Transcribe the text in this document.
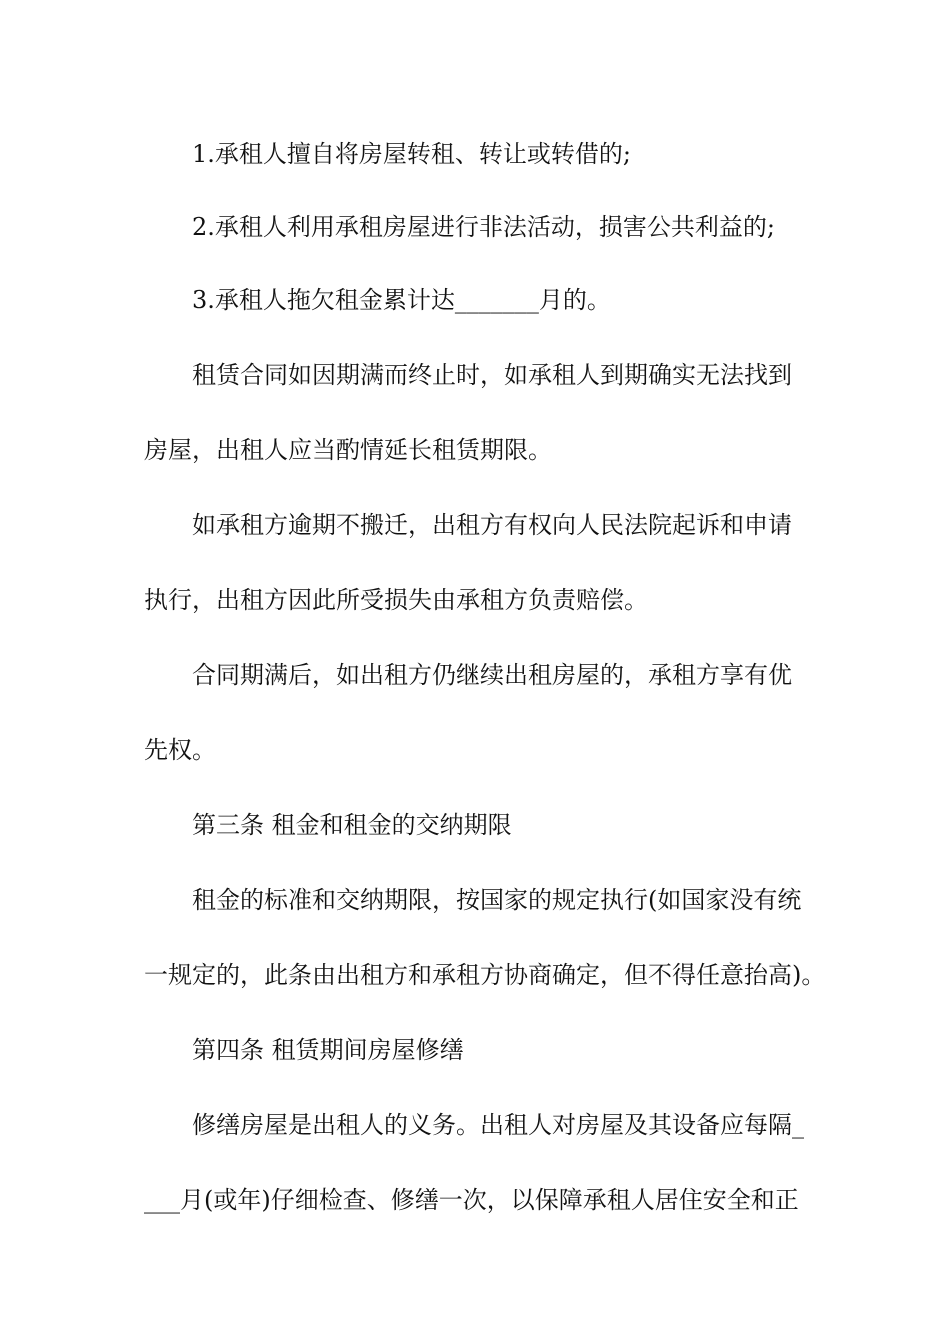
1.承租人擅自将房屋转租、转让或转借的;

2.承租人利用承租房屋进行非法活动，损害公共利益的;

3.承租人拖欠租金累计达_______月的。

租赁合同如因期满而终止时，如承租人到期确实无法找到

房屋，出租人应当酌情延长租赁期限。

如承租方逾期不搬迁，出租方有权向人民法院起诉和申请

执行，出租方因此所受损失由承租方负责赔偿。

合同期满后，如出租方仍继续出租房屋的，承租方享有优

先权。

第三条 租金和租金的交纳期限

租金的标准和交纳期限，按国家的规定执行(如国家没有统

一规定的，此条由出租方和承租方协商确定，但不得任意抬高)。

第四条 租赁期间房屋修缮

修缮房屋是出租人的义务。出租人对房屋及其设备应每隔_

___月(或年)仔细检查、修缮一次，以保障承租人居住安全和正
